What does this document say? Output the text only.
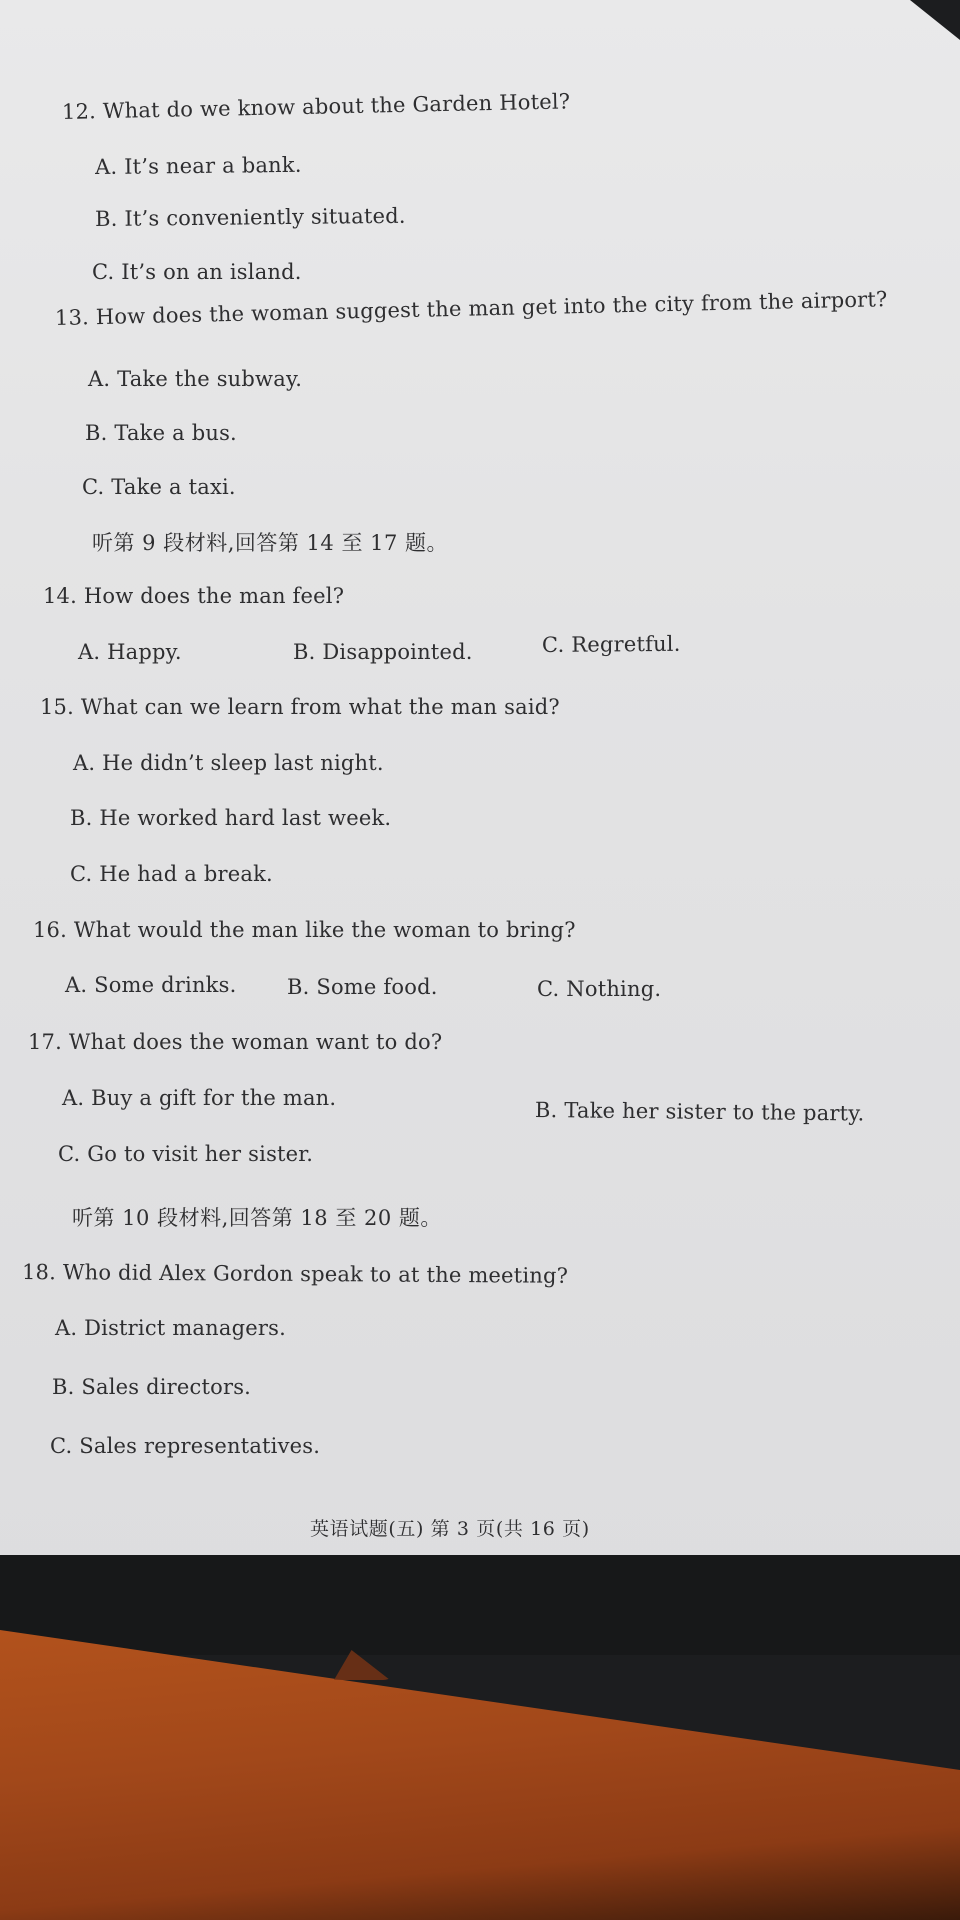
12. What do we know about the Garden Hotel?

A. It’s near a bank.

B. It’s conveniently situated.

C. It’s on an island.

13. How does the woman suggest the man get into the city from the airport?

A. Take the subway.

B. Take a bus.

C. Take a taxi.

听第 9 段材料,回答第 14 至 17 题。

14. How does the man feel?

A. Happy.	B. Disappointed.	C. Regretful.

15. What can we learn from what the man said?

A. He didn’t sleep last night.

B. He worked hard last week.

C. He had a break.

16. What would the man like the woman to bring?

A. Some drinks. B. Some food.	C. Nothing.

17. What does the woman want to do?

A. Buy a gift for the man.

B. Take her sister to the party.

C. Go to visit her sister.

听第 10 段材料,回答第 18 至 20 题。

18. Who did Alex Gordon speak to at the meeting?

A. District managers.

B. Sales directors.

C. Sales representatives.

英语试题(五) 第 3 页(共 16 页)
